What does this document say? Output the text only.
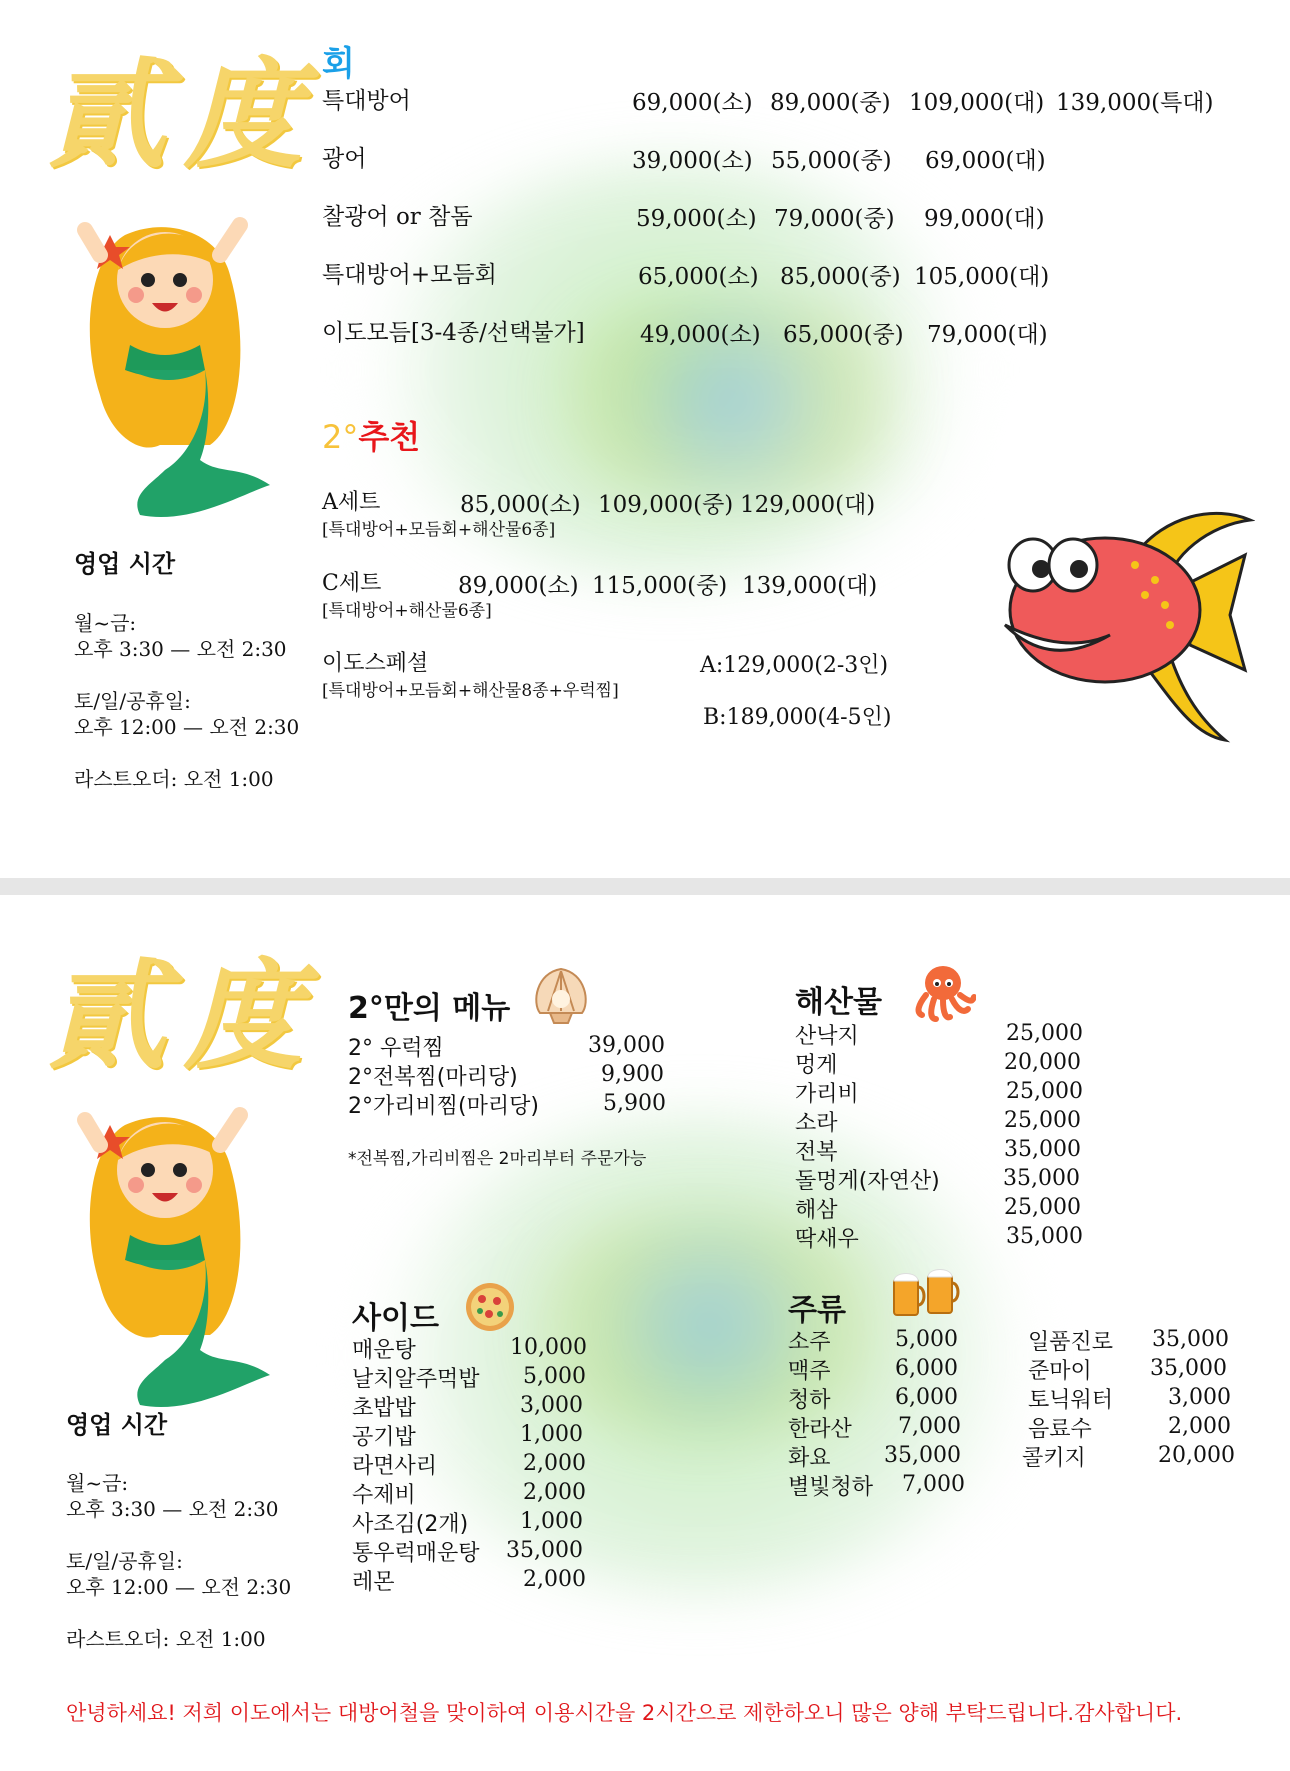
貳度
영업 시간
월~금:
오후 3:30 — 오전 2:30
토/일/공휴일:
오후 12:00 — 오전 2:30
라스트오더: 오전 1:00
회
특대방어	69,000(소) 89,000(중) 109,000(대) 139,000(특대)
광어	39,000(소) 55,000(중) 69,000(대)
찰광어 or 참돔	59,000(소) 79,000(중) 99,000(대)
특대방어+모듬회	65,000(소) 85,000(중) 105,000(대)
이도모듬[3-4종/선택불가] 49,000(소) 65,000(중) 79,000(대)
2°추천
A세트
[특대방어+모듬회+해산물6종]
85,000(소) 109,000(중) 129,000(대)
C세트
[특대방어+해산물6종]
89,000(소) 115,000(중) 139,000(대)
이도스페셜
[특대방어+모듬회+해산물8종+우럭찜]
A:129,000(2-3인)
B:189,000(4-5인)
貳度
영업 시간
월~금:
오후 3:30 — 오전 2:30
토/일/공휴일:
오후 12:00 — 오전 2:30
라스트오더: 오전 1:00
2°만의 메뉴
2° 우럭찜	39,000
2°전복찜(마리당)	9,900
2°가리비찜(마리당)	5,900
*전복찜,가리비찜은 2마리부터 주문가능
해산물
산낙지	25,000
멍게	20,000
가리비	25,000
소라	25,000
전복	35,000
돌멍게(자연산)	35,000
해삼	25,000
딱새우	35,000
사이드
매운탕	10,000
날치알주먹밥 5,000
초밥밥	3,000
공기밥	1,000
라면사리	2,000
수제비	2,000
사조김(2개) 1,000
통우럭매운탕 35,000
레몬	2,000
주류
소주	5,000
맥주	6,000
청하	6,000
한라산 7,000
화요 35,000
별빛청하 7,000
일품진로 35,000
준마이	35,000
토닉워터 3,000
음료수	2,000
콜키지	20,000
안녕하세요! 저희 이도에서는 대방어철을 맞이하여 이용시간을 2시간으로 제한하오니 많은 양해 부탁드립니다.감사합니다.
